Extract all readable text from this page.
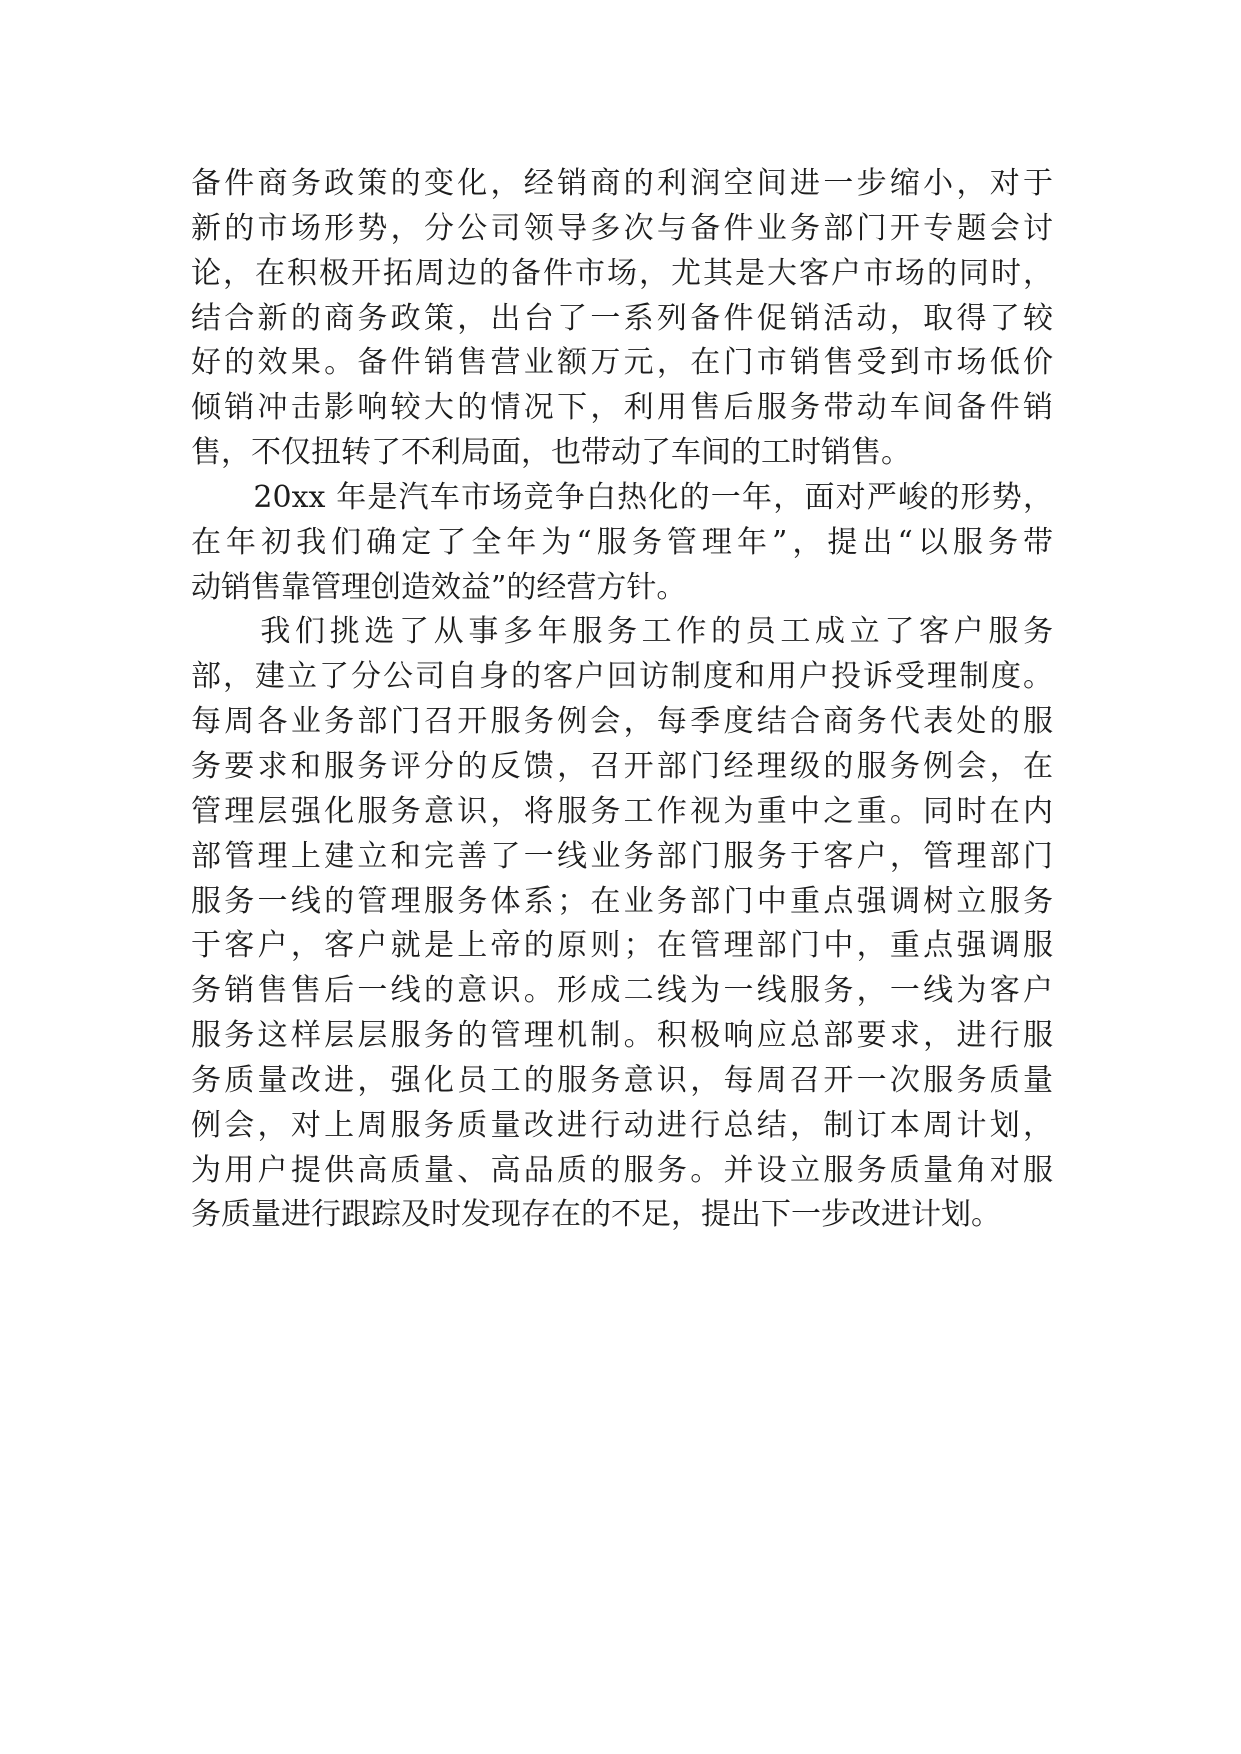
备件商务政策的变化，经销商的利润空间进一步缩小，对于
新的市场形势，分公司领导多次与备件业务部门开专题会讨
论，在积极开拓周边的备件市场，尤其是大客户市场的同时，
结合新的商务政策，出台了一系列备件促销活动，取得了较
好的效果。备件销售营业额万元，在门市销售受到市场低价
倾销冲击影响较大的情况下，利用售后服务带动车间备件销
售，不仅扭转了不利局面，也带动了车间的工时销售。
　　20xx 年是汽车市场竞争白热化的一年，面对严峻的形势，
在年初我们确定了全年为“服务管理年”，提出“以服务带
动销售靠管理创造效益”的经营方针。
　　我们挑选了从事多年服务工作的员工成立了客户服务
部，建立了分公司自身的客户回访制度和用户投诉受理制度。
每周各业务部门召开服务例会，每季度结合商务代表处的服
务要求和服务评分的反馈，召开部门经理级的服务例会，在
管理层强化服务意识，将服务工作视为重中之重。同时在内
部管理上建立和完善了一线业务部门服务于客户，管理部门
服务一线的管理服务体系；在业务部门中重点强调树立服务
于客户，客户就是上帝的原则；在管理部门中，重点强调服
务销售售后一线的意识。形成二线为一线服务，一线为客户
服务这样层层服务的管理机制。积极响应总部要求，进行服
务质量改进，强化员工的服务意识，每周召开一次服务质量
例会，对上周服务质量改进行动进行总结，制订本周计划，
为用户提供高质量、高品质的服务。并设立服务质量角对服
务质量进行跟踪及时发现存在的不足，提出下一步改进计划。
